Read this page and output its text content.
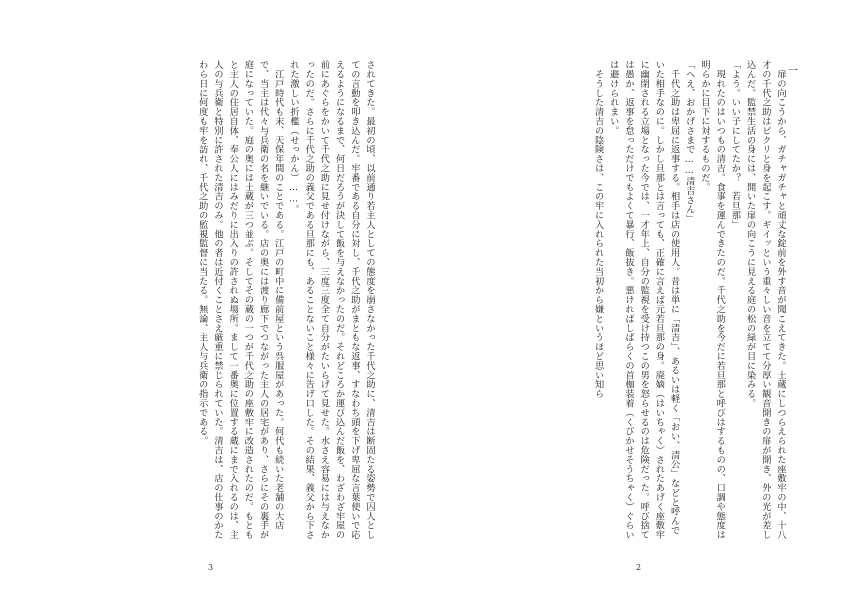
されてきた。最初の頃、以前通り若主人としての態度を崩さなかった千代之助に、清吉は断固たる姿勢で囚人としての言動を叩き込んだ。牢番である自分に対し、千代之助がまともな返事、すなわち頭を下げ卑屈な言葉使いで応えるようになるまで、何日だろうが決して飯を与えなかったのだ。それどころか運び込んだ飯を、わざわざ牢屋の前にあぐらをかいて千代之助に見せ付けながら、三度三度全て自分がたいらげて見せた。水さえ容易には与えなかったのだ。さらに千代之助の義父である旦那にも、あることないこと様々に告げ口した。その結果、義父から下された激しい折檻（せっかん）……。

　江戸時代も末、天保年間のことである。江戸の町中に備前屋という呉服屋があった。何代も続いた老舗の大店で、当主は代々与兵衛の名を継いでいる。店の奥には渡り廊下でつながった主人の居宅があり、さらにその裏手が庭になっていた。庭の奥には土蔵が三つ並ぶ。そしてその蔵の一つが千代之助の座敷牢に改造されたのだ。もともと主人の住居自体、奉公人にはみだりに出入りの許されぬ場所。まして一番奥に位置する蔵にまで入れるのは、主人の与兵衛と特別に許された清吉のみ。他の者は近付くことさえ厳重に禁じられていた。清吉は、店の仕事のかたわら日に何度も牢を訪れ、千代之助の監視監督に当たる。無論、主人与兵衛の指示である。

3
一

　扉の向こうから、ガチャガチャと頑丈な錠前を外す音が聞こえてきた。土蔵にしつらえられた座敷牢の中、十八才の千代之助はビクリと身を起こす。ギイッという重々しい音を立てて分厚い観音開きの扉が開き、外の光が差し込んだ。監禁生活の身には、開いた扉の向こうに見える庭の松の緑が目に染みる。

「よう。いい子にしてたか？　若旦那」

　現れたのはいつもの清吉。食事を運んできたのだ。千代之助を今だに若旦那と呼びはするものの、口調や態度は明らかに目下に対するものだ。

「へえ、おかげさまで……清吉さん」

　千代之助は卑屈に返事する。相手は店の使用人。昔は単に「清吉」、あるいは軽く「おい、清公」などと呼んでいた相手なのに。しかし旦那とは言っても、正確に言えば元若旦那の身。廃嫡（はいちゃく）されたあげく座敷牢に幽閉される立場となった今では、一才年上、自分の監視を受け持つこの男を怒らせるのは危険だった。呼び捨ては愚か、返事を怠っただけでもよくて暴行、飯抜き。悪ければしばらくの首枷装着（くびかせそうちゃく）ぐらいは避けられまい。

　そうした清吉の陰険さは、この牢に入れられた当初から嫌というほど思い知ら

2
